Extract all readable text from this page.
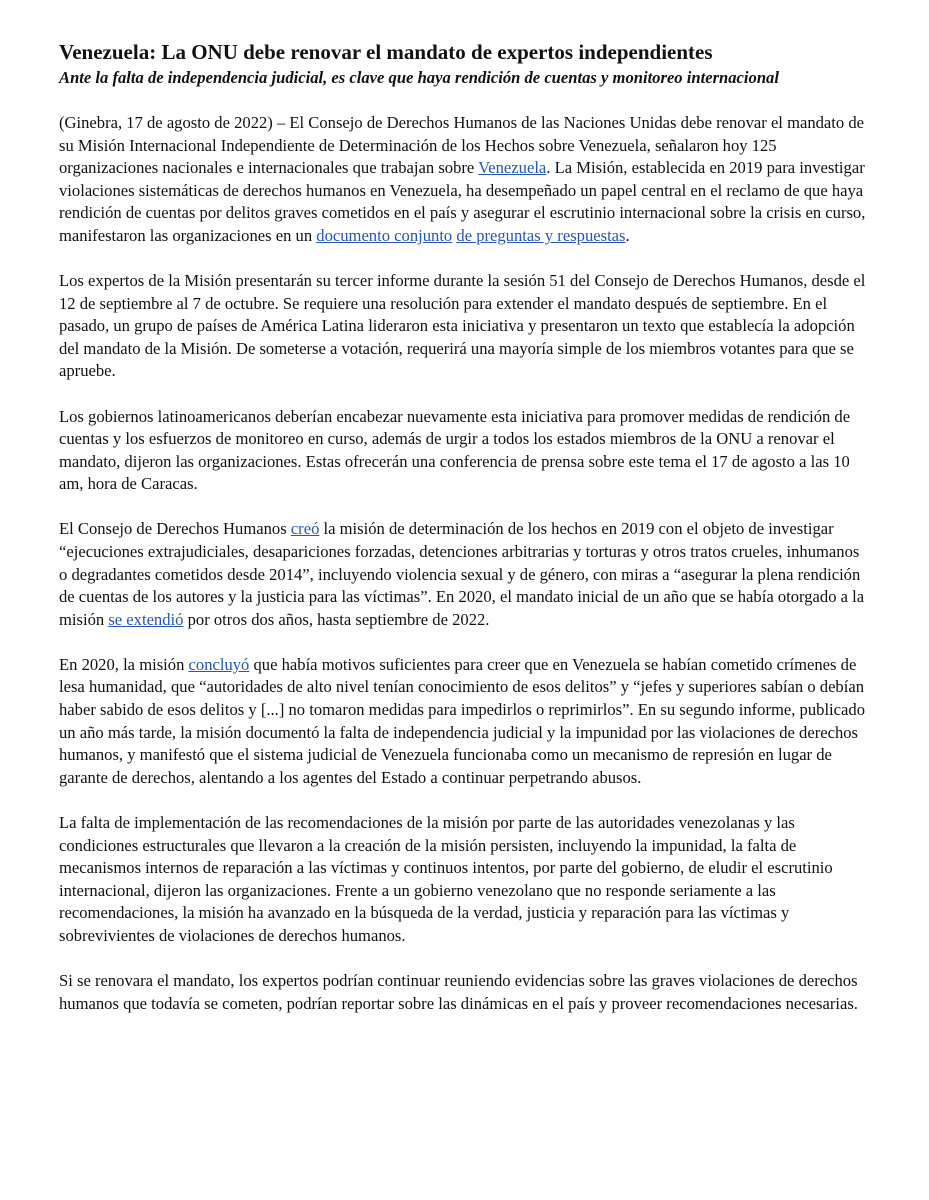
Venezuela: La ONU debe renovar el mandato de expertos independientes
Ante la falta de independencia judicial, es clave que haya rendición de cuentas y monitoreo internacional

(Ginebra, 17 de agosto de 2022) – El Consejo de Derechos Humanos de las Naciones Unidas debe renovar el mandato de su Misión Internacional Independiente de Determinación de los Hechos sobre Venezuela, señalaron hoy 125 organizaciones nacionales e internacionales que trabajan sobre Venezuela. La Misión, establecida en 2019 para investigar violaciones sistemáticas de derechos humanos en Venezuela, ha desempeñado un papel central en el reclamo de que haya rendición de cuentas por delitos graves cometidos en el país y asegurar el escrutinio internacional sobre la crisis en curso, manifestaron las organizaciones en un documento conjunto de preguntas y respuestas.

Los expertos de la Misión presentarán su tercer informe durante la sesión 51 del Consejo de Derechos Humanos, desde el 12 de septiembre al 7 de octubre. Se requiere una resolución para extender el mandato después de septiembre. En el pasado, un grupo de países de América Latina lideraron esta iniciativa y presentaron un texto que establecía la adopción del mandato de la Misión. De someterse a votación, requerirá una mayoría simple de los miembros votantes para que se apruebe.

Los gobiernos latinoamericanos deberían encabezar nuevamente esta iniciativa para promover medidas de rendición de cuentas y los esfuerzos de monitoreo en curso, además de urgir a todos los estados miembros de la ONU a renovar el mandato, dijeron las organizaciones. Estas ofrecerán una conferencia de prensa sobre este tema el 17 de agosto a las 10 am, hora de Caracas.

El Consejo de Derechos Humanos creó la misión de determinación de los hechos en 2019 con el objeto de investigar “ejecuciones extrajudiciales, desapariciones forzadas, detenciones arbitrarias y torturas y otros tratos crueles, inhumanos o degradantes cometidos desde 2014”, incluyendo violencia sexual y de género, con miras a “asegurar la plena rendición de cuentas de los autores y la justicia para las víctimas”. En 2020, el mandato inicial de un año que se había otorgado a la misión se extendió por otros dos años, hasta septiembre de 2022.

En 2020, la misión concluyó que había motivos suficientes para creer que en Venezuela se habían cometido crímenes de lesa humanidad, que “autoridades de alto nivel tenían conocimiento de esos delitos” y “jefes y superiores sabían o debían haber sabido de esos delitos y [...] no tomaron medidas para impedirlos o reprimirlos”. En su segundo informe, publicado un año más tarde, la misión documentó la falta de independencia judicial y la impunidad por las violaciones de derechos humanos, y manifestó que el sistema judicial de Venezuela funcionaba como un mecanismo de represión en lugar de garante de derechos, alentando a los agentes del Estado a continuar perpetrando abusos.

La falta de implementación de las recomendaciones de la misión por parte de las autoridades venezolanas y las condiciones estructurales que llevaron a la creación de la misión persisten, incluyendo la impunidad, la falta de mecanismos internos de reparación a las víctimas y continuos intentos, por parte del gobierno, de eludir el escrutinio internacional, dijeron las organizaciones. Frente a un gobierno venezolano que no responde seriamente a las recomendaciones, la misión ha avanzado en la búsqueda de la verdad, justicia y reparación para las víctimas y sobrevivientes de violaciones de derechos humanos.

Si se renovara el mandato, los expertos podrían continuar reuniendo evidencias sobre las graves violaciones de derechos humanos que todavía se cometen, podrían reportar sobre las dinámicas en el país y proveer recomendaciones necesarias.
